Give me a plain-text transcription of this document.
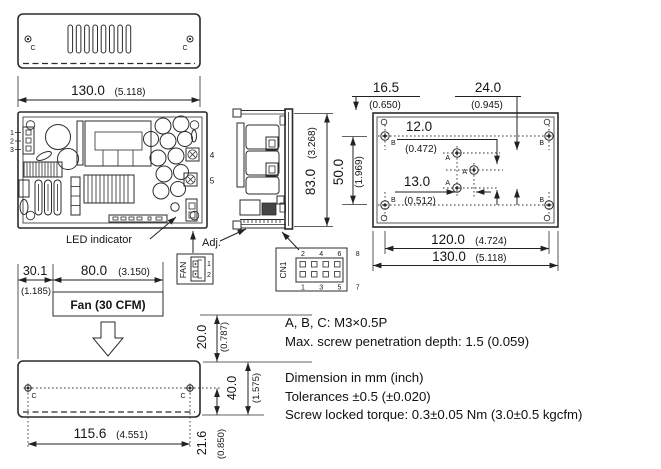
C	C
130.0 (5.118)
1
2
3	4
5	83.0
(3.268)
50.0 (1.969)
B	B
B	B
A
A
A
16.5
(0.650)
24.0
(0.945)
12.0
(0.472)
13.0
(0.512)
120.0 (4.724)
130.0 (5.118)
LED indicator	Adj.
FAN	1
2	CN1
2 4 6 8
1 3 5 7
30.1
(1.185)
80.0 (3.150)
Fan (30 CFM)
C	C
115.6 (4.551)
20.0 (0.787)
40.0 (1.575)
21.6 (0.850)
A, B, C: M3×0.5P
Max. screw penetration depth: 1.5 (0.059)
Dimension in mm (inch)
Tolerances ±0.5 (±0.020)
Screw locked torque: 0.3±0.05 Nm (3.0±0.5 kgcfm)
